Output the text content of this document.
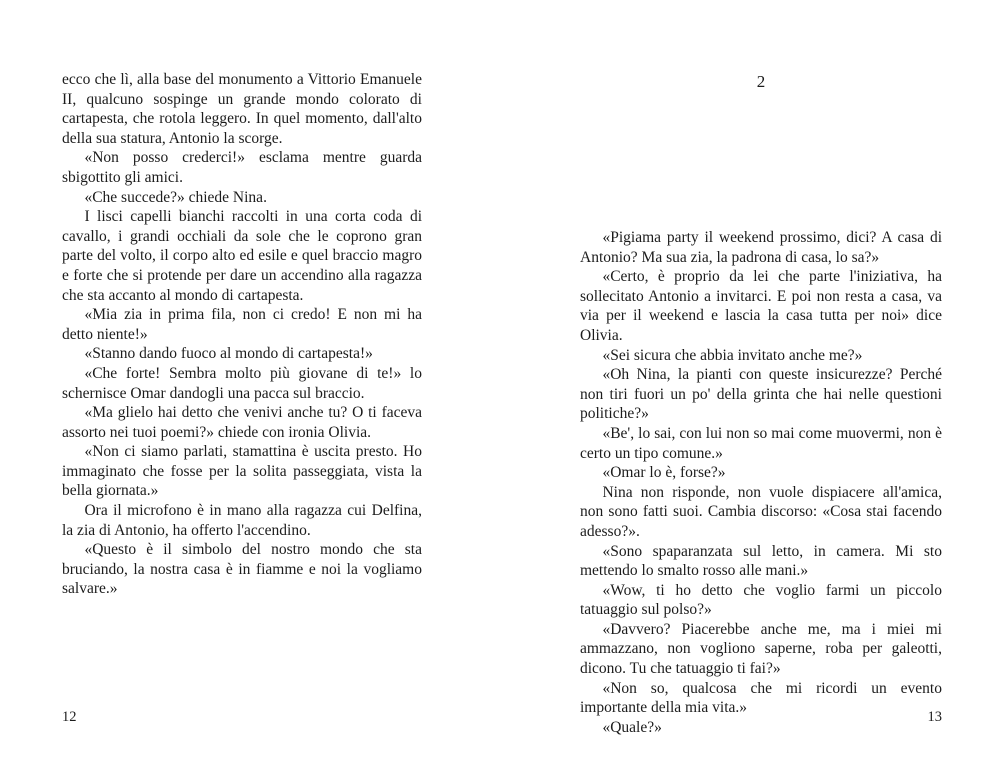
ecco che lì, alla base del monumento a Vittorio Emanuele II, qualcuno sospinge un grande mondo colorato di cartapesta, che rotola leggero. In quel momento, dall'alto della sua statura, Antonio la scorge.

«Non posso crederci!» esclama mentre guarda sbigottito gli amici.

«Che succede?» chiede Nina.

I lisci capelli bianchi raccolti in una corta coda di cavallo, i grandi occhiali da sole che le coprono gran parte del volto, il corpo alto ed esile e quel braccio magro e forte che si protende per dare un accendino alla ragazza che sta accanto al mondo di cartapesta.

«Mia zia in prima fila, non ci credo! E non mi ha detto niente!»

«Stanno dando fuoco al mondo di cartapesta!»

«Che forte! Sembra molto più giovane di te!» lo schernisce Omar dandogli una pacca sul braccio.

«Ma glielo hai detto che venivi anche tu? O ti faceva assorto nei tuoi poemi?» chiede con ironia Olivia.

«Non ci siamo parlati, stamattina è uscita presto. Ho immaginato che fosse per la solita passeggiata, vista la bella giornata.»

Ora il microfono è in mano alla ragazza cui Delfina, la zia di Antonio, ha offerto l'accendino.

«Questo è il simbolo del nostro mondo che sta bruciando, la nostra casa è in fiamme e noi la vogliamo salvare.»

12
2

«Pigiama party il weekend prossimo, dici? A casa di Antonio? Ma sua zia, la padrona di casa, lo sa?»

«Certo, è proprio da lei che parte l'iniziativa, ha sollecitato Antonio a invitarci. E poi non resta a casa, va via per il weekend e lascia la casa tutta per noi» dice Olivia.

«Sei sicura che abbia invitato anche me?»

«Oh Nina, la pianti con queste insicurezze? Perché non tiri fuori un po' della grinta che hai nelle questioni politiche?»

«Be', lo sai, con lui non so mai come muovermi, non è certo un tipo comune.»

«Omar lo è, forse?»

Nina non risponde, non vuole dispiacere all'amica, non sono fatti suoi. Cambia discorso: «Cosa stai facendo adesso?».

«Sono spaparanzata sul letto, in camera. Mi sto mettendo lo smalto rosso alle mani.»

«Wow, ti ho detto che voglio farmi un piccolo tatuaggio sul polso?»

«Davvero? Piacerebbe anche me, ma i miei mi ammazzano, non vogliono saperne, roba per galeotti, dicono. Tu che tatuaggio ti fai?»

«Non so, qualcosa che mi ricordi un evento importante della mia vita.»

«Quale?»

13
